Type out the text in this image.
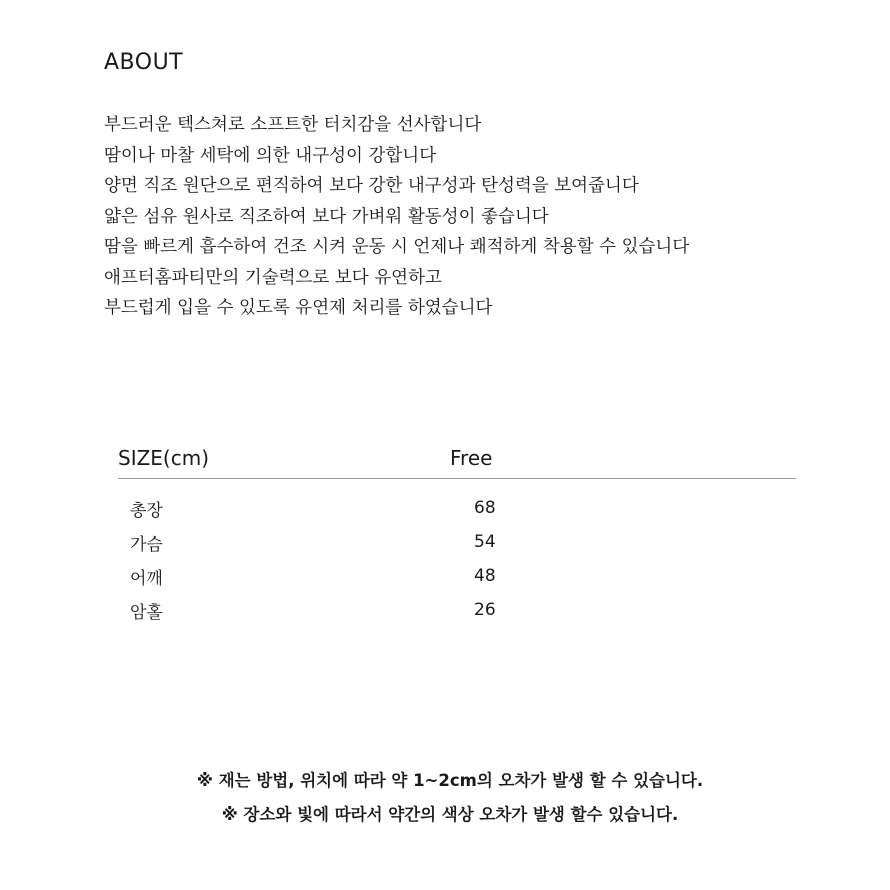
ABOUT
부드러운 텍스쳐로 소프트한 터치감을 선사합니다
땀이나 마찰 세탁에 의한 내구성이 강합니다
양면 직조 원단으로 편직하여 보다 강한 내구성과 탄성력을 보여줍니다
얇은 섬유 원사로 직조하여 보다 가벼워 활동성이 좋습니다
땀을 빠르게 흡수하여 건조 시켜 운동 시 언제나 쾌적하게 착용할 수 있습니다
애프터홈파티만의 기술력으로 보다 유연하고
부드럽게 입을 수 있도록 유연제 처리를 하였습니다
SIZE(cm)	Free
총장	68
가슴	54
어깨	48
암홀	26
※ 재는 방법, 위치에 따라 약 1~2cm의 오차가 발생 할 수 있습니다.
※ 장소와 빛에 따라서 약간의 색상 오차가 발생 할수 있습니다.
